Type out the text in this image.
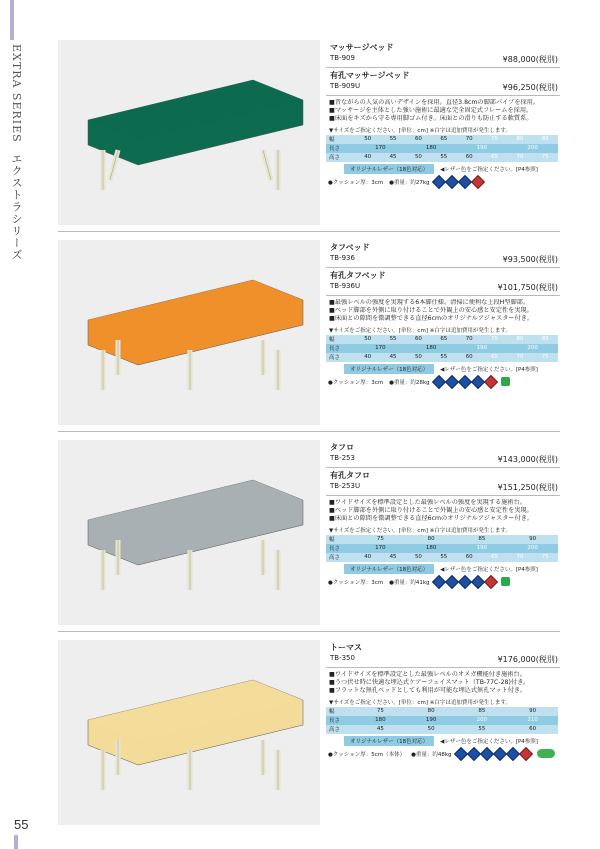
EXTRA SERIES エクストラシリーズ
55
マッサージベッド
TB-909	¥88,000(税別)
有孔マッサージベッド
TB-909U	¥96,250(税別)
■昔ながらの人気の高いデザインを採用。直径3.8cmの脚部パイプを採用。
■マッサージを主体とした強い施術に最適な完全固定式フレームを採用。
■床面をキズから守る専用脚ゴム付き。床面との滑りも防止する軟質系。
▼サイズをご指定ください。[単位：cm] ※白字は追加費用が発生します。
幅	50	55	60	65	70	75	80	85
長さ	170		180		190		200	
高さ	40	45	50	55	60	65	70	75
オリジナルレザー（18色対応）	◀レザー色をご指定ください。[P4参照]
●クッション厚：3cm ●重量：約27kg
タフベッド
TB-936	¥93,500(税別)
有孔タフベッド
TB-936U	¥101,750(税別)
■最強レベルの強度を実現する6本脚仕様。清掃に便利な上段H型脚部。
■ベッド脚部を外側に取り付けることで外観上の安心感と安定性を実現。
■床面との隙間を微調整できる直径6cmのオリジナルアジャスター付き。
▼サイズをご指定ください。[単位：cm] ※白字は追加費用が発生します。
幅	50	55	60	65	70	75	80	85
長さ	170		180		190		200	
高さ	40	45	50	55	60	65	70	75
オリジナルレザー（18色対応）	◀レザー色をご指定ください。[P4参照]
●クッション厚：3cm ●重量：約28kg
タフロ
TB-253	¥143,000(税別)
有孔タフロ
TB-253U	¥151,250(税別)
■ワイドサイズを標準設定とした最強レベルの強度を実現する施術台。
■ベッド脚部を外側に取り付けることで外観上の安心感と安定性を実現。
■床面との隙間を微調整できる直径6cmのオリジナルアジャスター付き。
▼サイズをご指定ください。[単位：cm] ※白字は追加費用が発生します。
幅	75		80		85		90	
長さ	170		180		190		200	
高さ	40	45	50	55	60	65	70	75
オリジナルレザー（18色対応）	◀レザー色をご指定ください。[P4参照]
●クッション厚：3cm ●重量：約41kg
トーマス
TB-350	¥176,000(税別)
■ワイドサイズを標準設定とした最強レベルのオメガ機能付き施術台。
■うつ伏せ時に快適な埋込式ケアーフェイスマット（TB-77C-28)付き。
■フラットな無孔ベッドとしても利用が可能な埋込式無孔マット付き。
▼サイズをご指定ください。[単位：cm] ※白字は追加費用が発生します。
幅	75	80	85	90
長さ	180	190	200	210
高さ	45	50	55	60
オリジナルレザー（18色対応）	◀レザー色をご指定ください。[P4参照]
●クッション厚：5cm（本体） ●重量：約48kg
